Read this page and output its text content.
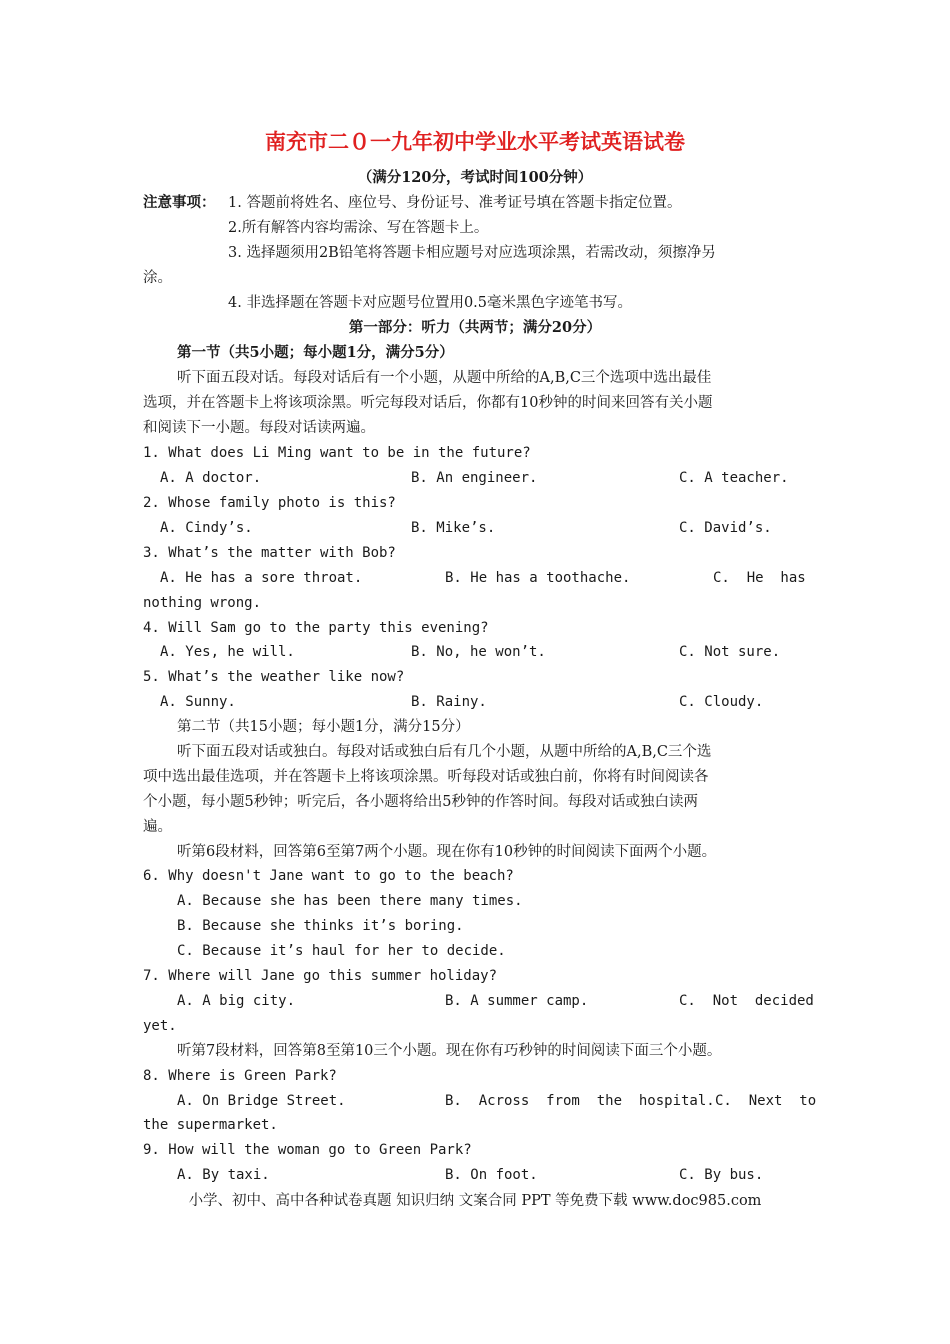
南充市二０一九年初中学业水平考试英语试卷
（满分120分，考试时间100分钟）
注意事项： 1. 答题前将姓名、座位号、身份证号、准考证号填在答题卡指定位置。
2.所有解答内容均需涂、写在答题卡上。
3. 选择题须用2B铅笔将答题卡相应题号对应选项涂黑，若需改动，须擦净另
涂。
4. 非选择题在答题卡对应题号位置用0.5毫米黑色字迹笔书写。
第一部分：听力（共两节；满分20分）
第一节（共5小题；每小题1分，满分5分）
听下面五段对话。每段对话后有一个小题，从题中所给的A,B,C三个选项中选出最佳
选项，并在答题卡上将该项涂黑。听完每段对话后，你都有10秒钟的时间来回答有关小题
和阅读下一小题。每段对话读两遍。
1. What does Li Ming want to be in the future?
A. A doctor.	B. An engineer.	C. A teacher.
2. Whose family photo is this?
A. Cindy’s.	B. Mike’s.	C. David’s.
3. What’s the matter with Bob?
A. He has a sore throat.	B. He has a toothache.	C.  He  has
nothing wrong.
4. Will Sam go to the party this evening?
A. Yes, he will.	B. No, he won’t.	C. Not sure.
5. What’s the weather like now?
A. Sunny.	B. Rainy.	C. Cloudy.
第二节（共15小题；每小题1分，满分15分）
听下面五段对话或独白。每段对话或独白后有几个小题，从题中所给的A,B,C三个选
项中选出最佳选项，并在答题卡上将该项涂黑。听每段对话或独白前，你将有时间阅读各
个小题，每小题5秒钟；听完后，各小题将给出5秒钟的作答时间。每段对话或独白读两
遍。
听第6段材料，回答第6至第7两个小题。现在你有10秒钟的时间阅读下面两个小题。
6. Why doesn't Jane want to go to the beach?
A. Because she has been there many times.
B. Because she thinks it’s boring.
C. Because it’s haul for her to decide.
7. Where will Jane go this summer holiday?
A. A big city.	B. A summer camp.	C.  Not  decided
yet.
听第7段材料，回答第8至第10三个小题。现在你有巧秒钟的时间阅读下面三个小题。
8. Where is Green Park?
A. On Bridge Street.	B.  Across  from  the  hospital. C.  Next  to
the supermarket.
9. How will the woman go to Green Park?
A. By taxi.	B. On foot.	C. By bus.
小学、初中、高中各种试卷真题 知识归纳 文案合同 PPT 等免费下载 www.doc985.com
